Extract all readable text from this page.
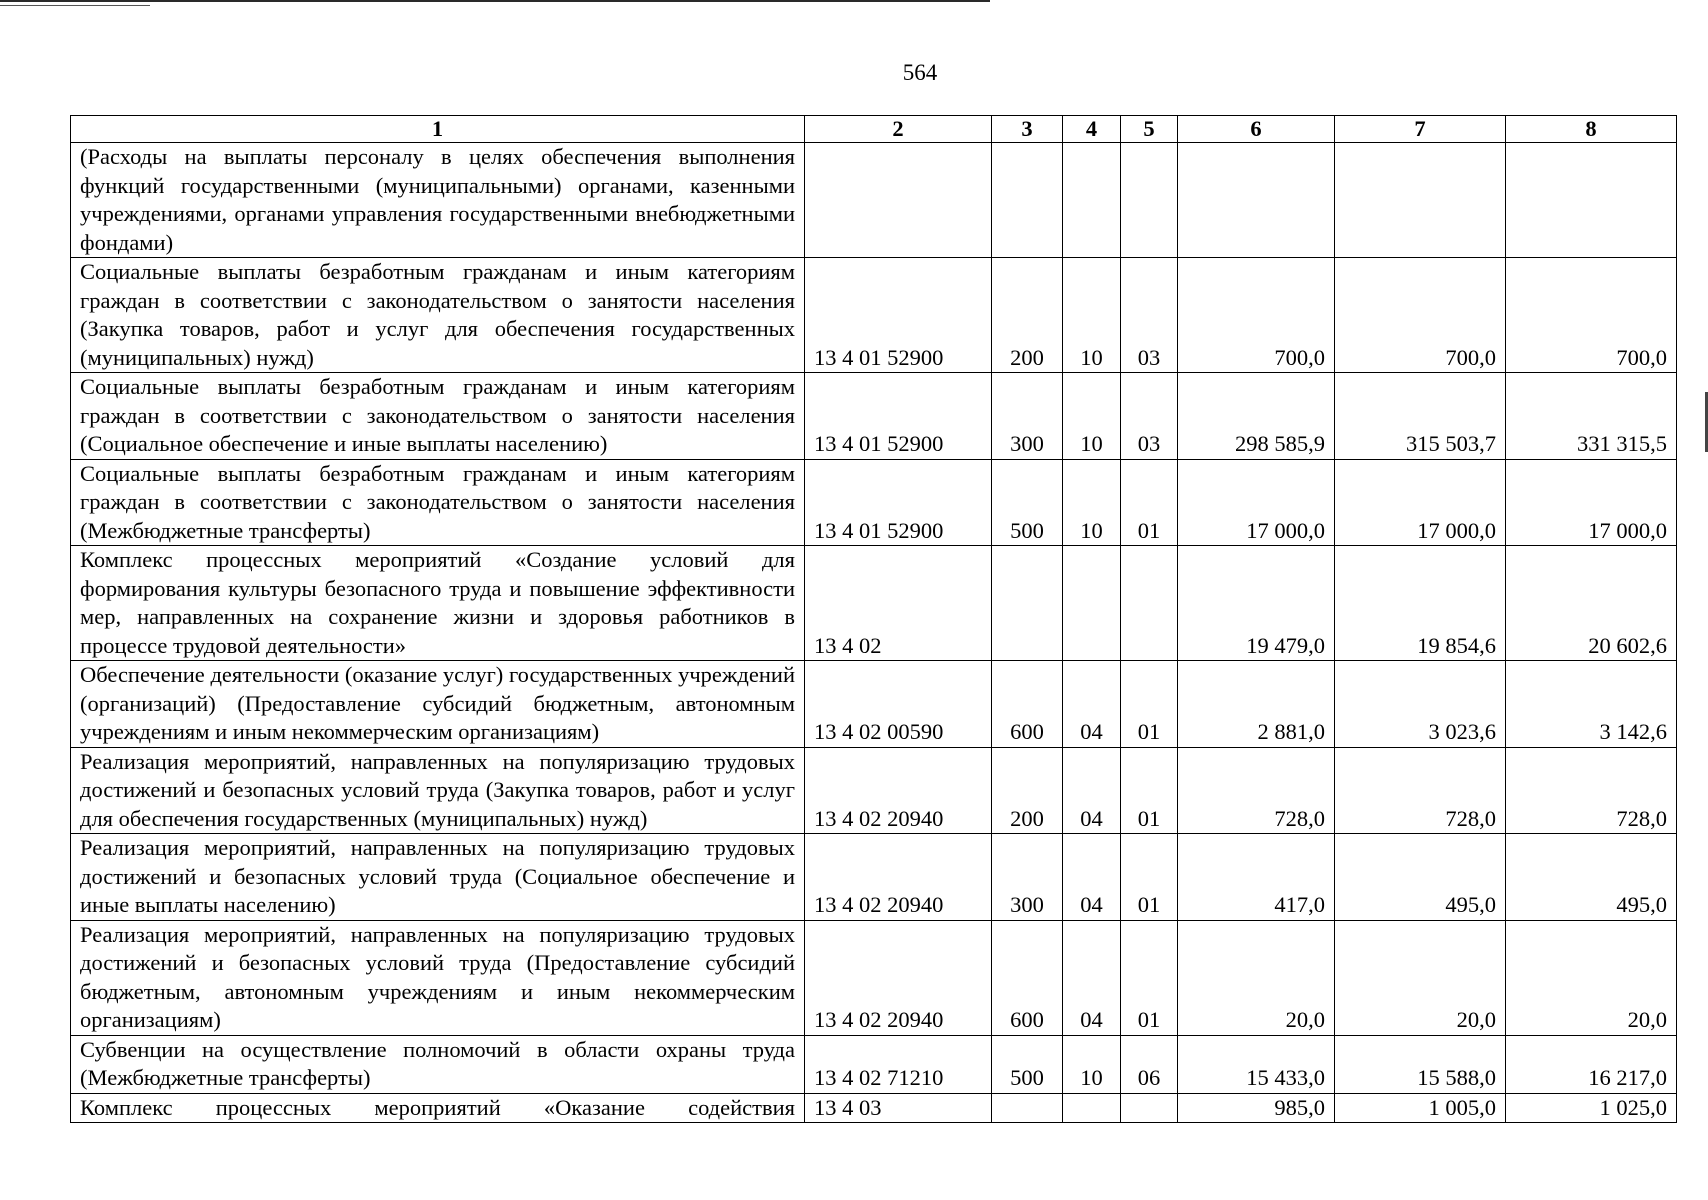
564
1	2	3	4	5	6	7	8
(Расходы на выплаты персоналу в целях обеспечения выполнения функций государственными (муниципальными) органами, казенными учреждениями, органами управления государственными внебюджетными фондами)							
Социальные выплаты безработным гражданам и иным категориям граждан в соответствии с законодательством о занятости населения (Закупка товаров, работ и услуг для обеспечения государственных (муниципальных) нужд)	13 4 01 52900	200	10	03	700,0	700,0	700,0
Социальные выплаты безработным гражданам и иным категориям граждан в соответствии с законодательством о занятости населения (Социальное обеспечение и иные выплаты населению)	13 4 01 52900	300	10	03	298 585,9	315 503,7	331 315,5
Социальные выплаты безработным гражданам и иным категориям граждан в соответствии с законодательством о занятости населения (Межбюджетные трансферты)	13 4 01 52900	500	10	01	17 000,0	17 000,0	17 000,0
Комплекс процессных мероприятий «Создание условий для формирования культуры безопасного труда и повышение эффективности мер, направленных на сохранение жизни и здоровья работников в процессе трудовой деятельности»	13 4 02				19 479,0	19 854,6	20 602,6
Обеспечение деятельности (оказание услуг) государственных учреждений (организаций) (Предоставление субсидий бюджетным, автономным учреждениям и иным некоммерческим организациям)	13 4 02 00590	600	04	01	2 881,0	3 023,6	3 142,6
Реализация мероприятий, направленных на популяризацию трудовых достижений и безопасных условий труда (Закупка товаров, работ и услуг для обеспечения государственных (муниципальных) нужд)	13 4 02 20940	200	04	01	728,0	728,0	728,0
Реализация мероприятий, направленных на популяризацию трудовых достижений и безопасных условий труда (Социальное обеспечение и иные выплаты населению)	13 4 02 20940	300	04	01	417,0	495,0	495,0
Реализация мероприятий, направленных на популяризацию трудовых достижений и безопасных условий труда (Предоставление субсидий бюджетным, автономным учреждениям и иным некоммерческим организациям)	13 4 02 20940	600	04	01	20,0	20,0	20,0
Субвенции на осуществление полномочий в области охраны труда (Межбюджетные трансферты)	13 4 02 71210	500	10	06	15 433,0	15 588,0	16 217,0
Комплекс процессных мероприятий «Оказание содействия	13 4 03				985,0	1 005,0	1 025,0
